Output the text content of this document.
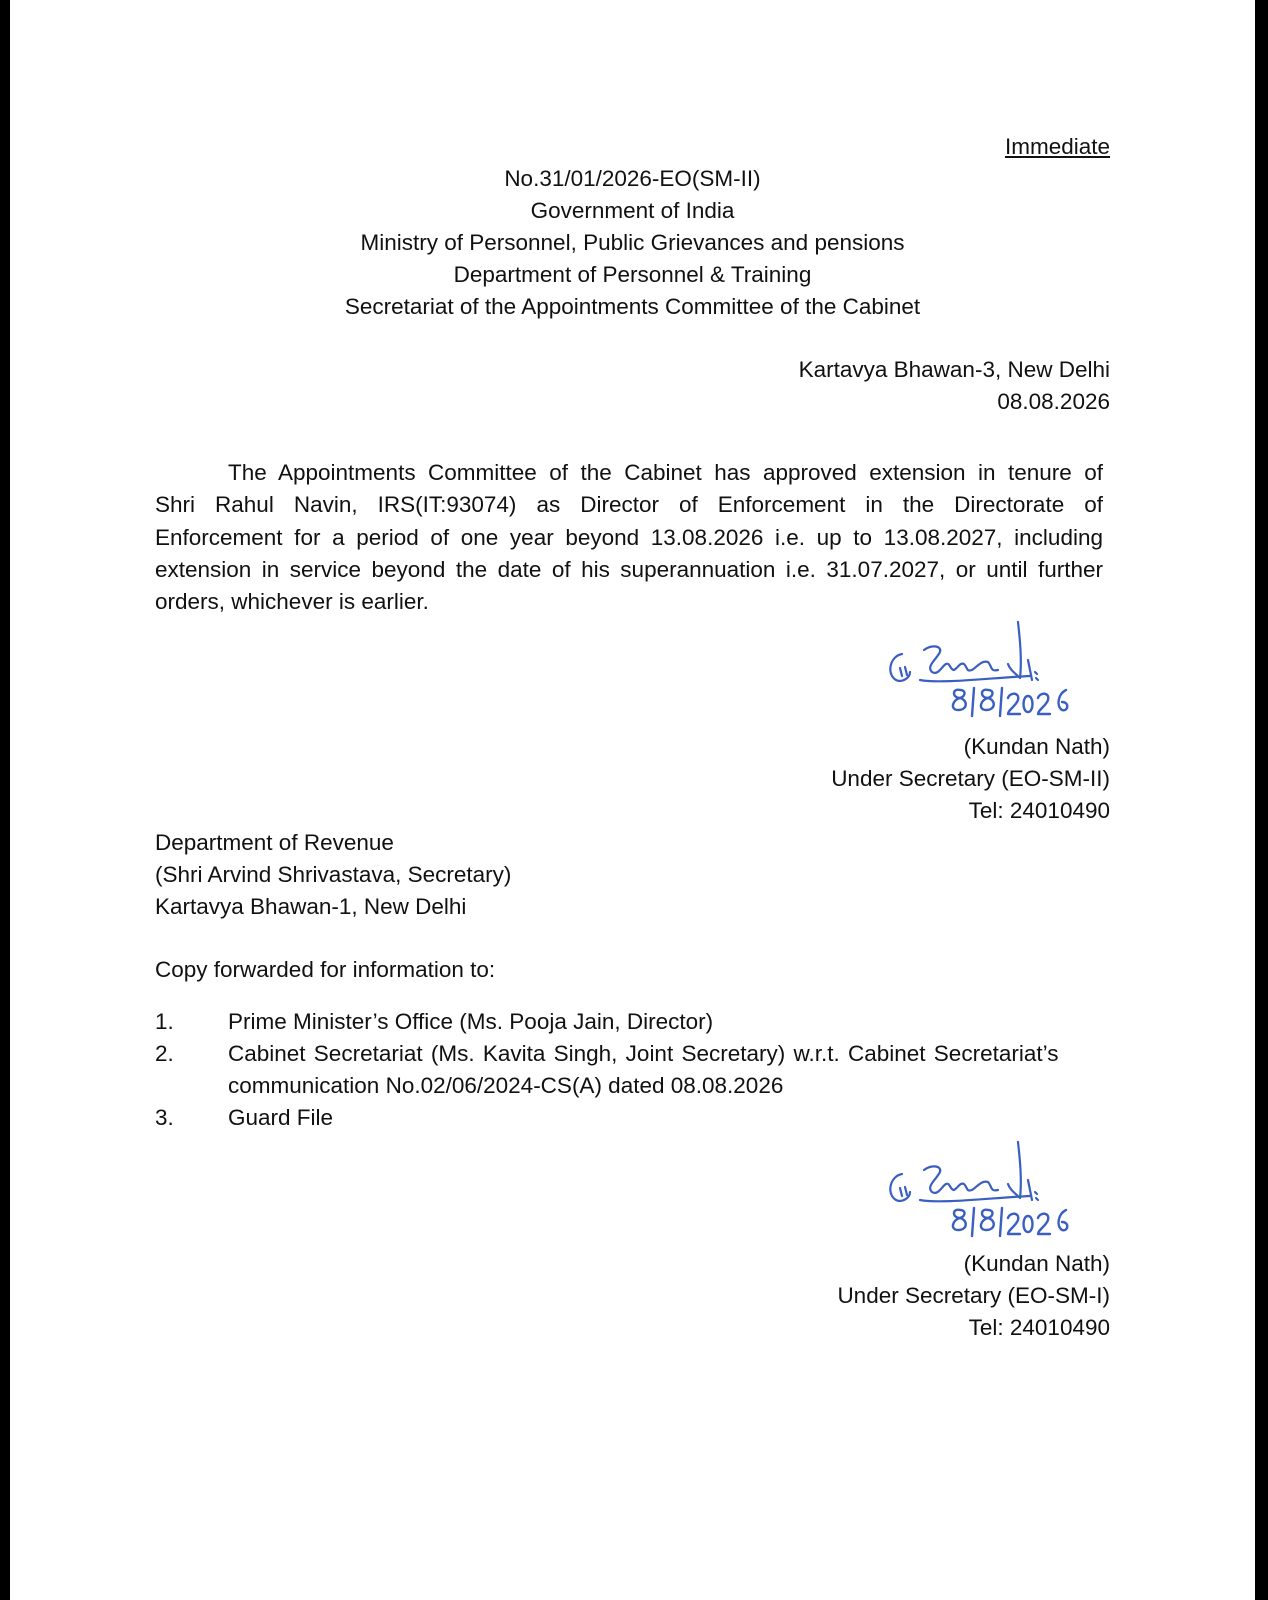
Immediate
No.31/01/2026-EO(SM-II)
Government of India
Ministry of Personnel, Public Grievances and pensions
Department of Personnel & Training
Secretariat of the Appointments Committee of the Cabinet
Kartavya Bhawan-3, New Delhi
08.08.2026
The Appointments Committee of the Cabinet has approved extension in tenure of
Shri Rahul Navin, IRS(IT:93074) as Director of Enforcement in the Directorate of
Enforcement for a period of one year beyond 13.08.2026 i.e. up to 13.08.2027, including
extension in service beyond the date of his superannuation i.e. 31.07.2027, or until further
orders, whichever is earlier.
(Kundan Nath)
Under Secretary (EO-SM-II)
Tel: 24010490
Department of Revenue
(Shri Arvind Shrivastava, Secretary)
Kartavya Bhawan-1, New Delhi
Copy forwarded for information to:
1. Prime Minister’s Office (Ms. Pooja Jain, Director)
2. Cabinet Secretariat (Ms. Kavita Singh, Joint Secretary) w.r.t. Cabinet Secretariat’s
communication No.02/06/2024-CS(A) dated 08.08.2026
3. Guard File
(Kundan Nath)
Under Secretary (EO-SM-I)
Tel: 24010490
